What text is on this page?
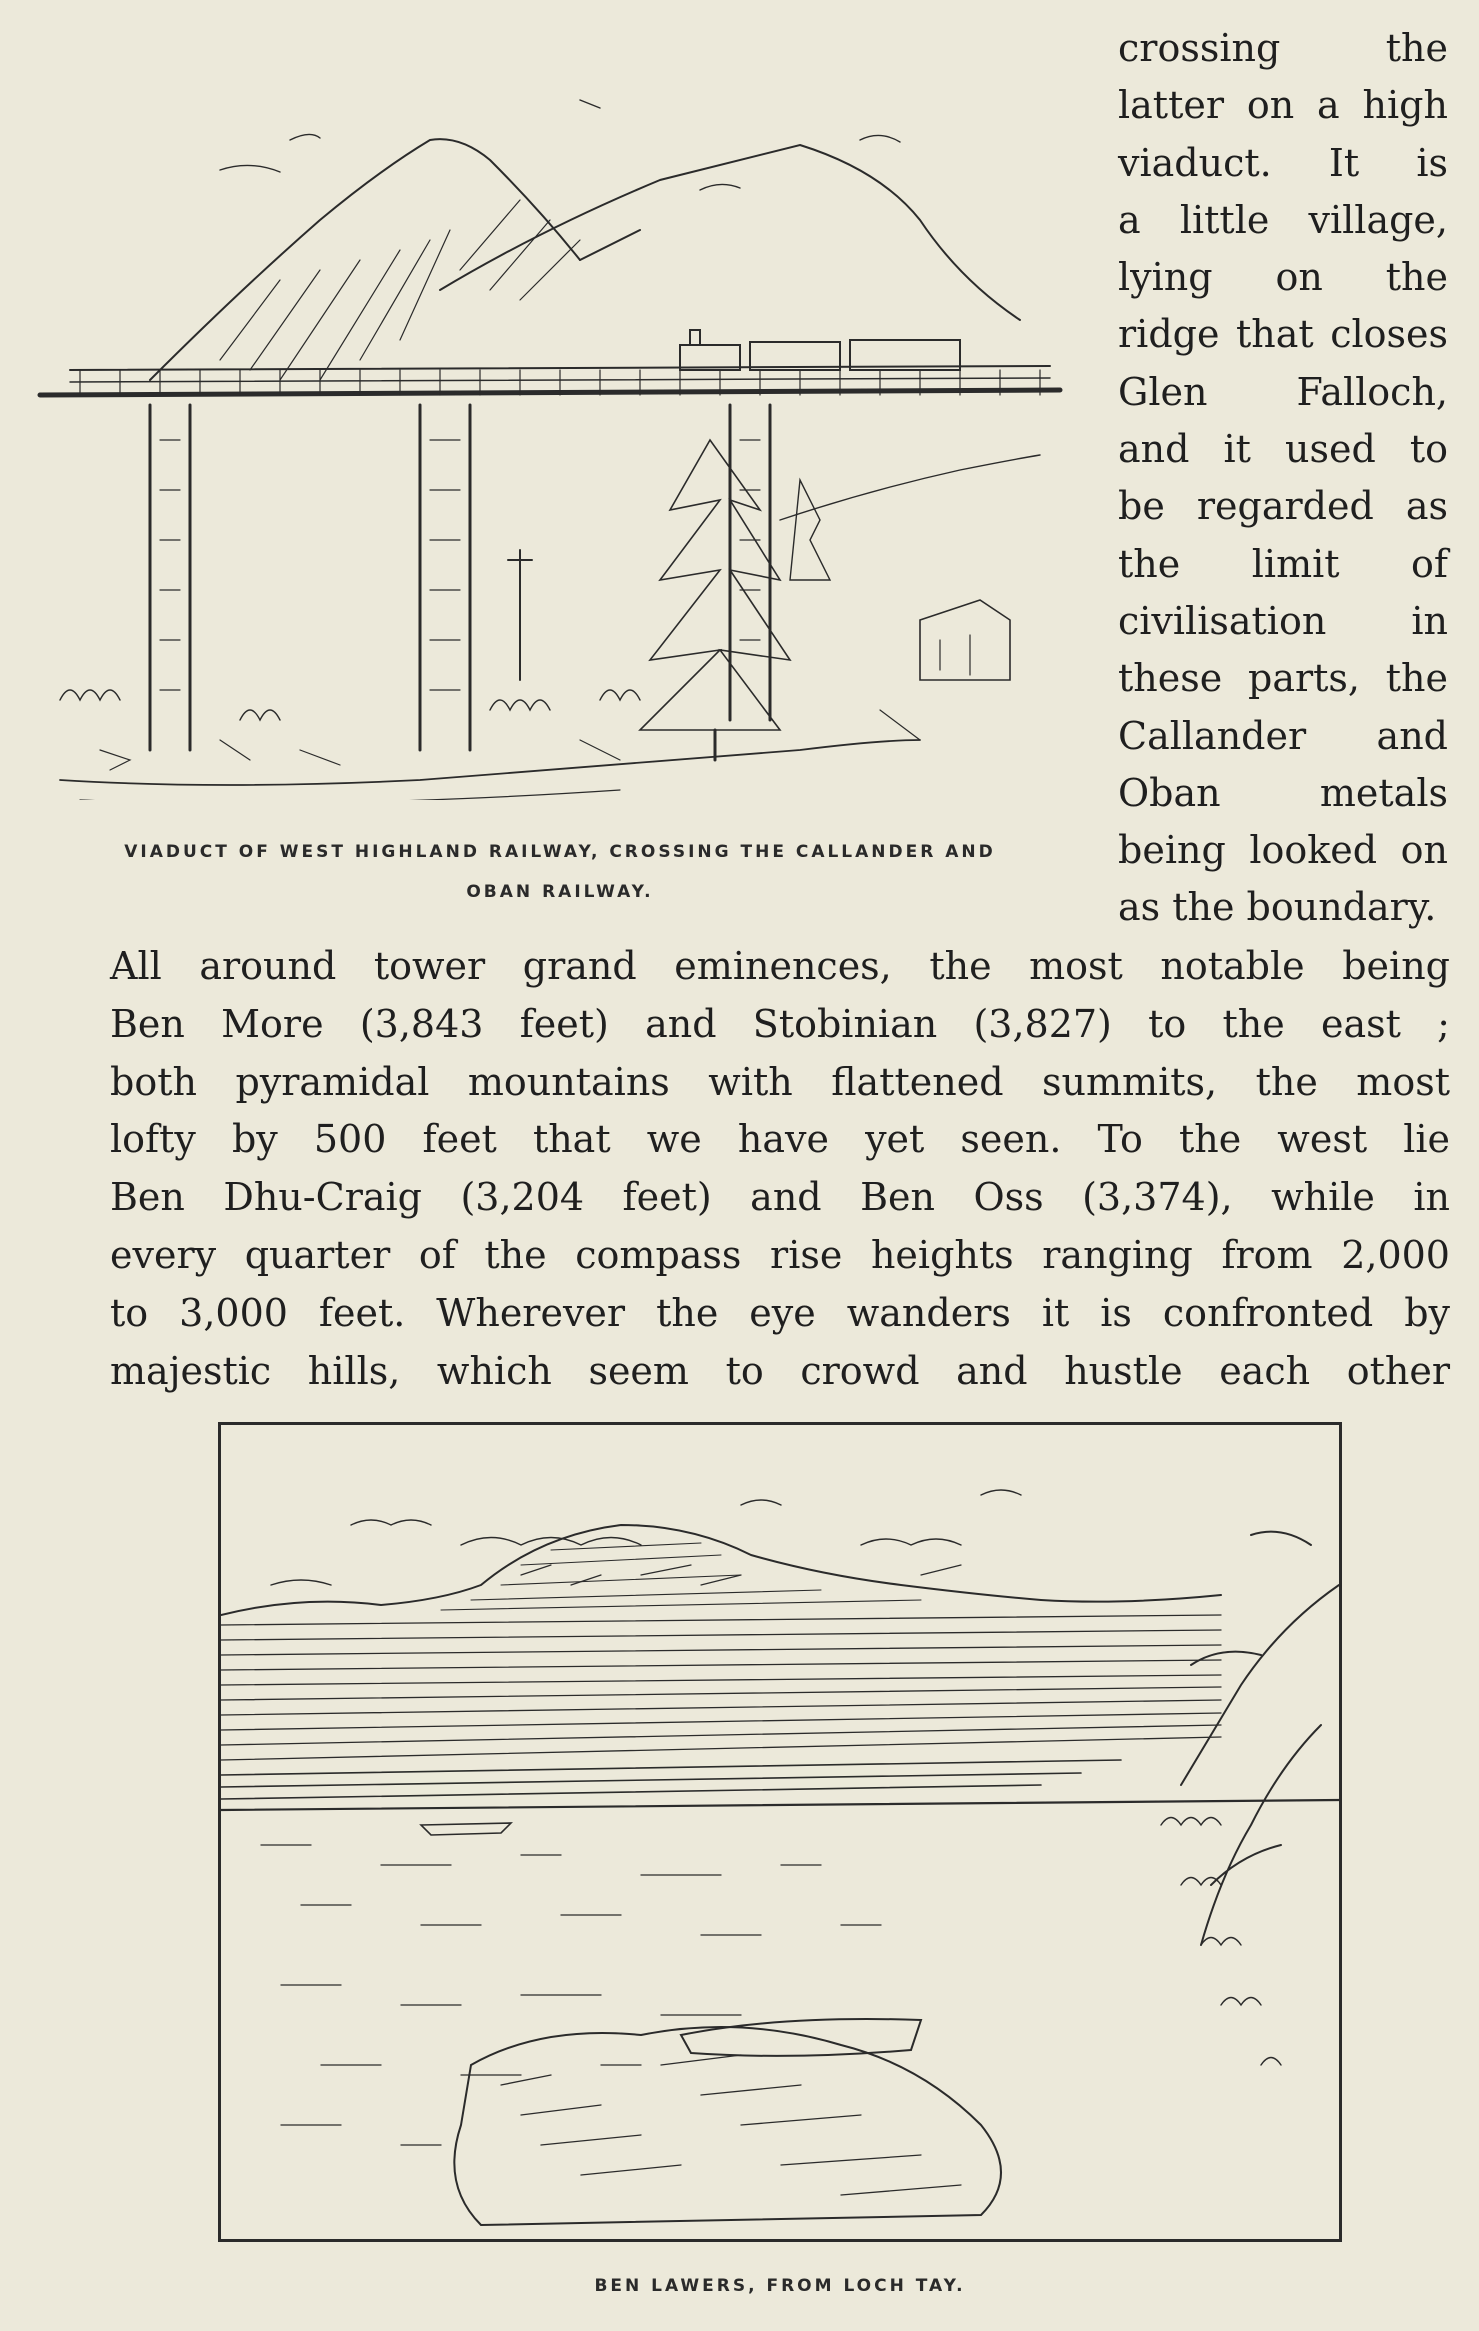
VIADUCT OF WEST HIGHLAND RAILWAY, CROSSING THE CALLANDER AND
OBAN RAILWAY.
crossing the
latter on a high
viaduct. It is
a little village,
lying on the
ridge that closes
Glen Falloch,
and it used to
be regarded as
the limit of
civilisation in
these parts, the
Callander and
Oban metals
being looked on
as the boundary.
All around tower grand eminences, the most notable being
Ben More (3,843 feet) and Stobinian (3,827) to the east ;
both pyramidal mountains with flattened summits, the most
lofty by 500 feet that we have yet seen. To the west lie
Ben Dhu-Craig (3,204 feet) and Ben Oss (3,374), while in
every quarter of the compass rise heights ranging from 2,000
to 3,000 feet. Wherever the eye wanders it is confronted by
majestic hills, which seem to crowd and hustle each other
BEN LAWERS, FROM LOCH TAY.
